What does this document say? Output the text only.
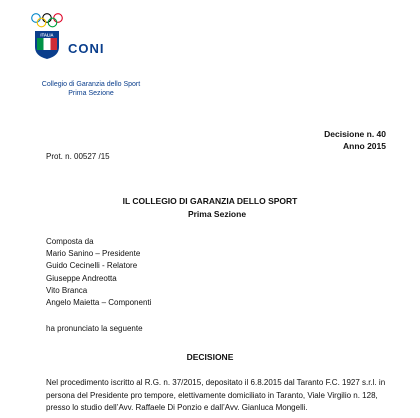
ITALIA
CONI
Collegio di Garanzia dello Sport
Prima Sezione
Decisione n. 40
Anno 2015
Prot. n. 00527 /15
IL COLLEGIO DI GARANZIA DELLO SPORT
Prima Sezione
Composta da
Mario Sanino – Presidente
Guido Cecinelli - Relatore
Giuseppe Andreotta
Vito Branca
Angelo Maietta – Componenti
ha pronunciato la seguente
DECISIONE
Nel procedimento iscritto al R.G. n. 37/2015, depositato il 6.8.2015 dal Taranto F.C. 1927 s.r.l. in
persona del Presidente pro tempore, elettivamente domiciliato in Taranto, Viale Virgilio n. 128,
presso lo studio dell’Avv. Raffaele Di Ponzio e dall’Avv. Gianluca Mongelli.
